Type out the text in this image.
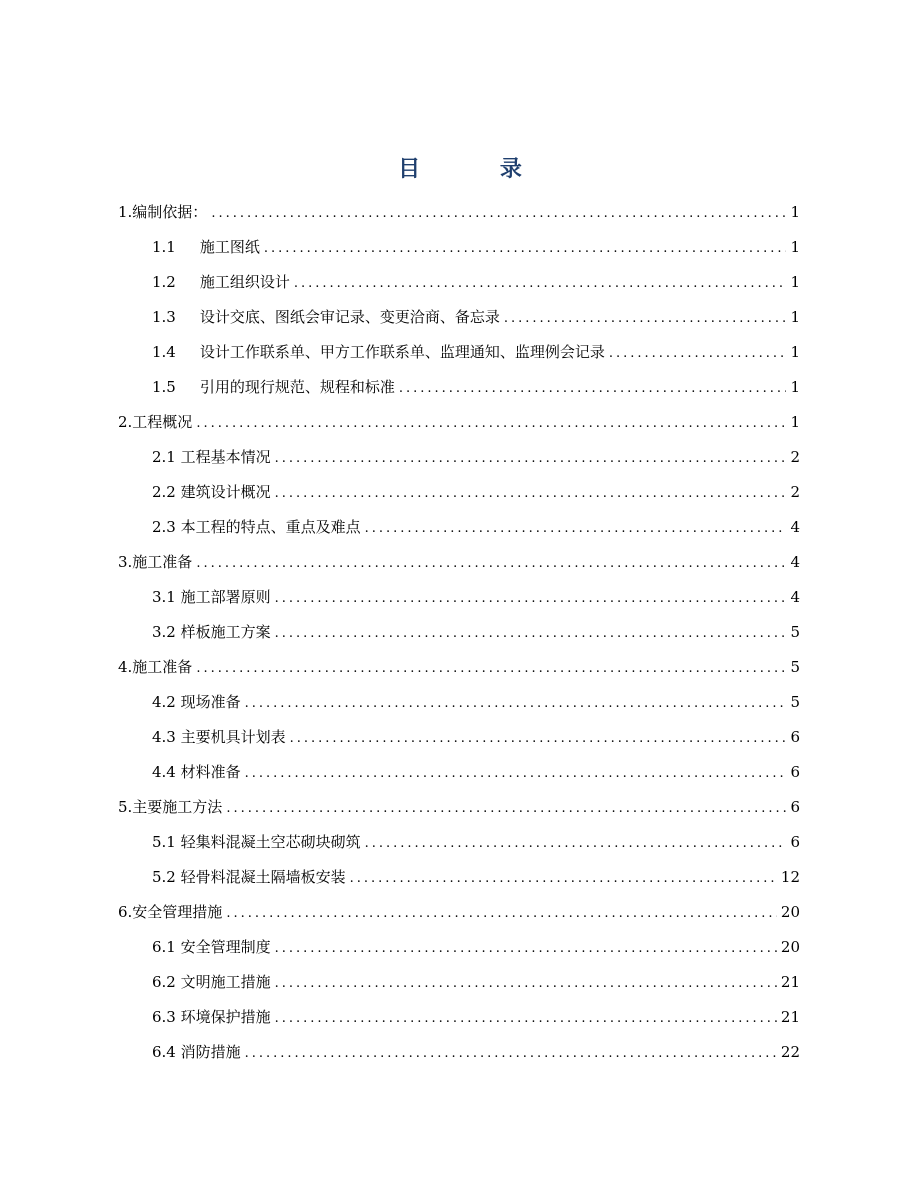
目 录
1.编制依据： .....	1
1.1 施工图纸 .....	1
1.2 施工组织设计 .....	1
1.3 设计交底、图纸会审记录、变更洽商、备忘录 .....	1
1.4 设计工作联系单、甲方工作联系单、监理通知、监理例会记录 .....	1
1.5 引用的现行规范、规程和标准 .....	1
2.工程概况 .....	1
2.1 工程基本情况 .....	2
2.2 建筑设计概况 .....	2
2.3 本工程的特点、重点及难点 .....	4
3.施工准备 .....	4
3.1 施工部署原则 .....	4
3.2 样板施工方案 .....	5
4.施工准备 .....	5
4.2 现场准备 .....	5
4.3 主要机具计划表 .....	6
4.4 材料准备 .....	6
5.主要施工方法 .....	6
5.1 轻集料混凝土空芯砌块砌筑 .....	6
5.2 轻骨料混凝土隔墙板安装 .....	12
6.安全管理措施 .....	20
6.1 安全管理制度 .....	20
6.2 文明施工措施 .....	21
6.3 环境保护措施 .....	21
6.4 消防措施 .....	22
